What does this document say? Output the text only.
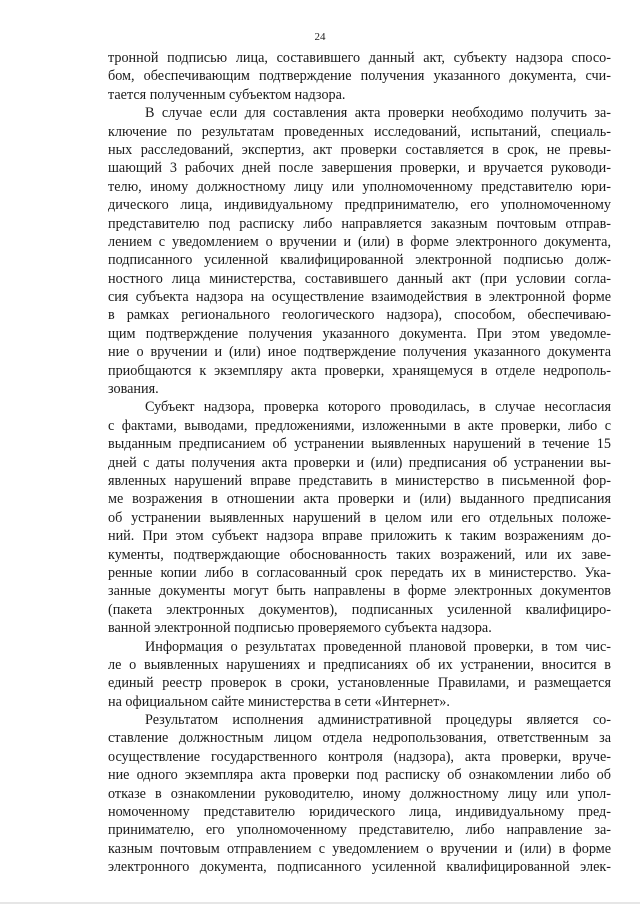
24
тронной подписью лица, составившего данный акт, субъекту надзора спосо-
бом, обеспечивающим подтверждение получения указанного документа, счи-
тается полученным субъектом надзора.
В случае если для составления акта проверки необходимо получить за-
ключение по результатам проведенных исследований, испытаний, специаль-
ных расследований, экспертиз, акт проверки составляется в срок, не превы-
шающий 3 рабочих дней после завершения проверки, и вручается руководи-
телю, иному должностному лицу или уполномоченному представителю юри-
дического лица, индивидуальному предпринимателю, его уполномоченному
представителю под расписку либо направляется заказным почтовым отправ-
лением с уведомлением о вручении и (или) в форме электронного документа,
подписанного усиленной квалифицированной электронной подписью долж-
ностного лица министерства, составившего данный акт (при условии согла-
сия субъекта надзора на осуществление взаимодействия в электронной форме
в рамках регионального геологического надзора), способом, обеспечиваю-
щим подтверждение получения указанного документа. При этом уведомле-
ние о вручении и (или) иное подтверждение получения указанного документа
приобщаются к экземпляру акта проверки, хранящемуся в отделе недрополь-
зования.
Субъект надзора, проверка которого проводилась, в случае несогласия
с фактами, выводами, предложениями, изложенными в акте проверки, либо с
выданным предписанием об устранении выявленных нарушений в течение 15
дней с даты получения акта проверки и (или) предписания об устранении вы-
явленных нарушений вправе представить в министерство в письменной фор-
ме возражения в отношении акта проверки и (или) выданного предписания
об устранении выявленных нарушений в целом или его отдельных положе-
ний. При этом субъект надзора вправе приложить к таким возражениям до-
кументы, подтверждающие обоснованность таких возражений, или их заве-
ренные копии либо в согласованный срок передать их в министерство. Ука-
занные документы могут быть направлены в форме электронных документов
(пакета электронных документов), подписанных усиленной квалифициро-
ванной электронной подписью проверяемого субъекта надзора.
Информация о результатах проведенной плановой проверки, в том чис-
ле о выявленных нарушениях и предписаниях об их устранении, вносится в
единый реестр проверок в сроки, установленные Правилами, и размещается
на официальном сайте министерства в сети «Интернет».
Результатом исполнения административной процедуры является со-
ставление должностным лицом отдела недропользования, ответственным за
осуществление государственного контроля (надзора), акта проверки, вруче-
ние одного экземпляра акта проверки под расписку об ознакомлении либо об
отказе в ознакомлении руководителю, иному должностному лицу или упол-
номоченному представителю юридического лица, индивидуальному пред-
принимателю, его уполномоченному представителю, либо направление за-
казным почтовым отправлением с уведомлением о вручении и (или) в форме
электронного документа, подписанного усиленной квалифицированной элек-
